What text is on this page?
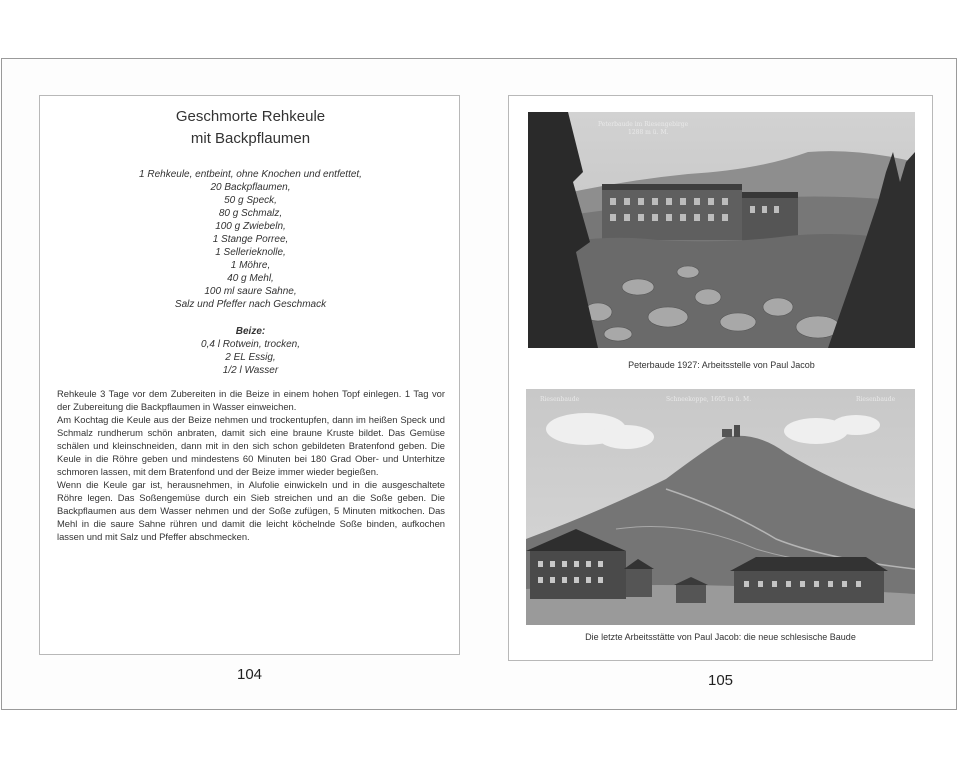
Geschmorte Rehkeule
mit Backpflaumen
1 Rehkeule, entbeint, ohne Knochen und entfettet,
20 Backpflaumen,
50 g Speck,
80 g Schmalz,
100 g Zwiebeln,
1 Stange Porree,
1 Sellerieknolle,
1 Möhre,
40 g Mehl,
100 ml saure Sahne,
Salz und Pfeffer nach Geschmack
Beize:
0,4 l Rotwein, trocken,
2 EL Essig,
1/2 l Wasser

Rehkeule 3 Tage vor dem Zubereiten in die Beize in einem hohen Topf einlegen. 1 Tag vor der Zubereitung die Backpflaumen in Wasser einweichen.

Am Kochtag die Keule aus der Beize nehmen und trockentupfen, dann im heißen Speck und Schmalz rundherum schön anbraten, damit sich eine braune Kruste bildet. Das Gemüse schälen und kleinschneiden, dann mit in den sich schon gebildeten Bratenfond geben. Die Keule in die Röhre geben und mindestens 60 Minuten bei 180 Grad Ober- und Unterhitze schmoren lassen, mit dem Bratenfond und der Beize immer wieder begießen.

Wenn die Keule gar ist, herausnehmen, in Alufolie einwickeln und in die ausgeschaltete Röhre legen. Das Soßengemüse durch ein Sieb streichen und an die Soße geben. Die Backpflaumen aus dem Wasser nehmen und der Soße zufügen, 5 Minuten mitkochen. Das Mehl in die saure Sahne rühren und damit die leicht köchelnde Soße binden, aufkochen lassen und mit Salz und Pfeffer abschmecken.

104
Peterbaude im Riesengebirge
1288 m ü. M.
Peterbaude 1927: Arbeitsstelle von Paul Jacob
Riesenbaude	Schneekoppe, 1605 m ü. M.	Riesenbaude
Die letzte Arbeitsstätte von Paul Jacob: die neue schlesische Baude
105
